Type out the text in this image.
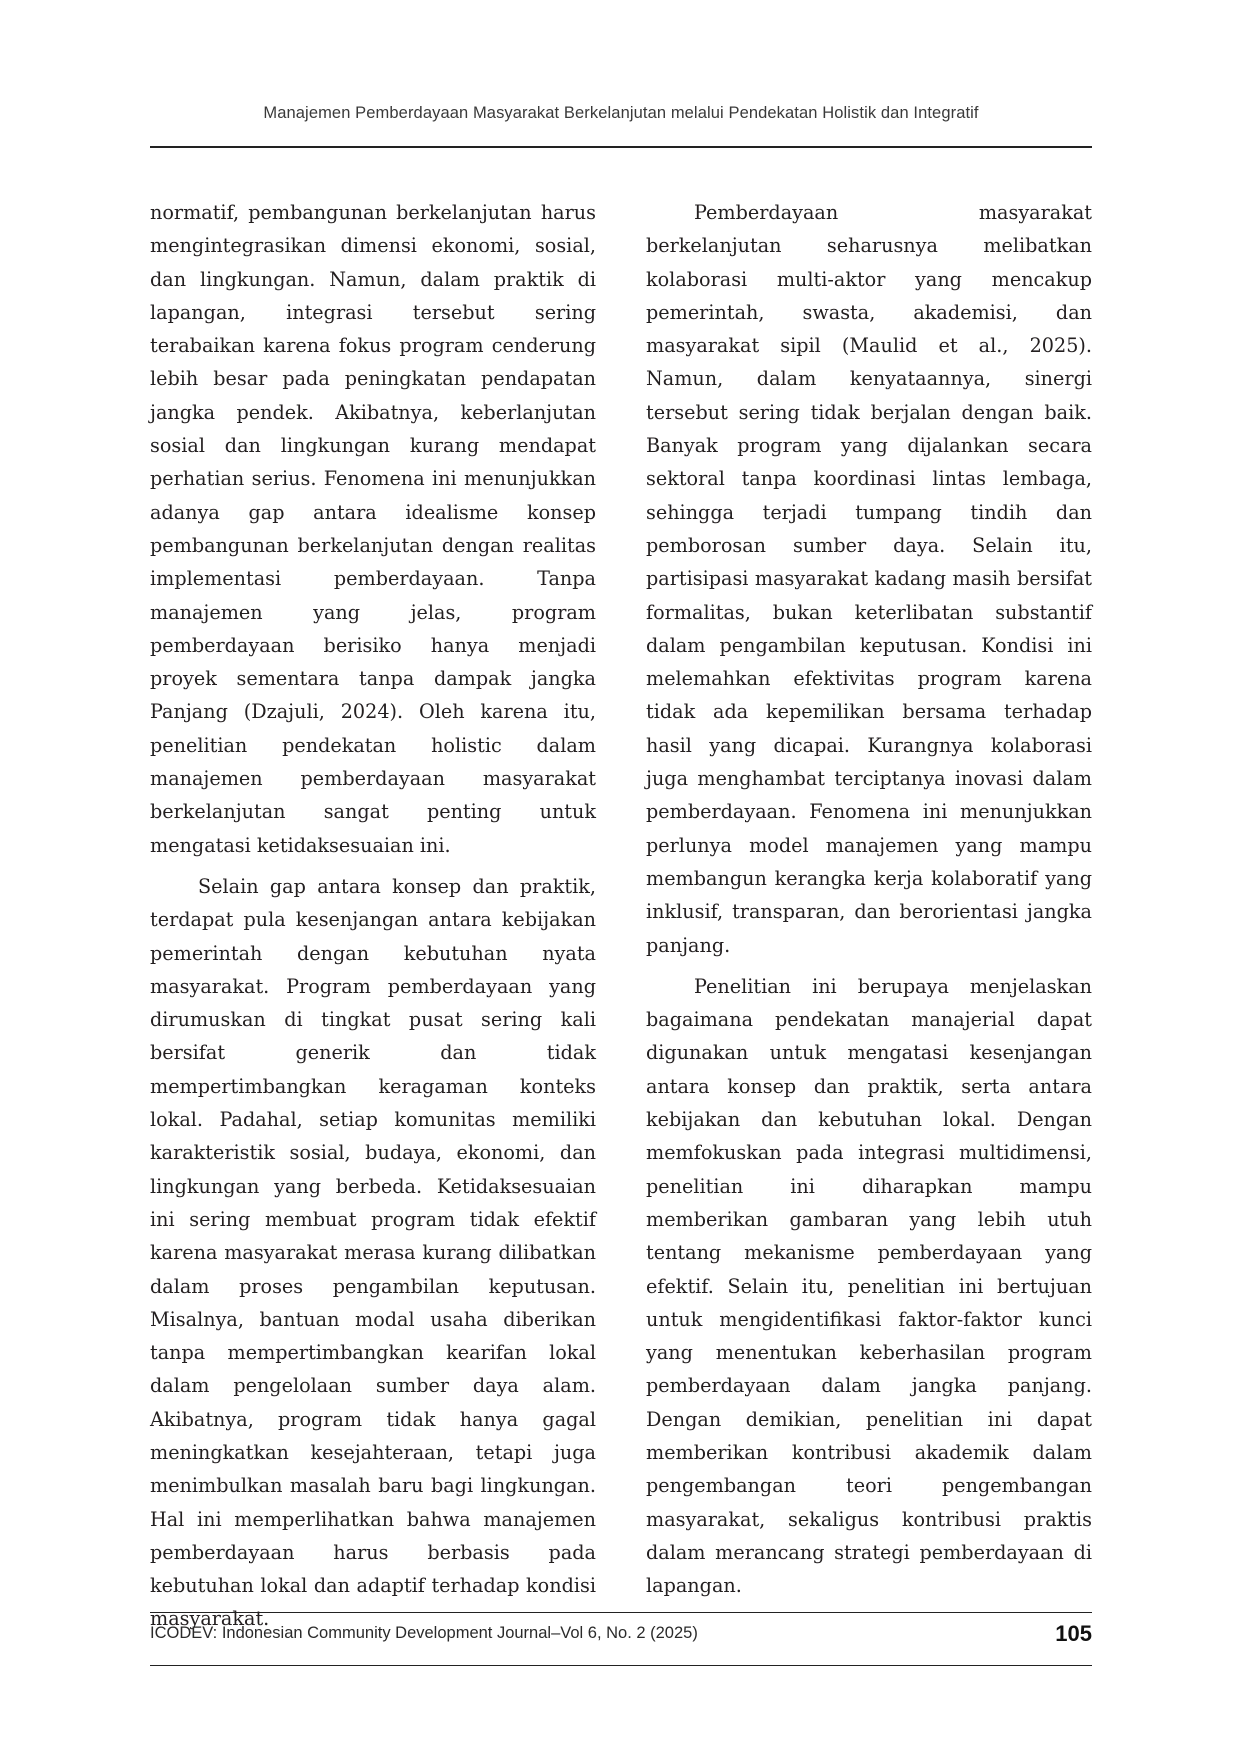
Manajemen Pemberdayaan Masyarakat Berkelanjutan melalui Pendekatan Holistik dan Integratif

normatif, pembangunan berkelanjutan harus mengintegrasikan dimensi ekonomi, sosial, dan lingkungan. Namun, dalam praktik di lapangan, integrasi tersebut sering terabaikan karena fokus program cenderung lebih besar pada peningkatan pendapatan jangka pendek. Akibatnya, keberlanjutan sosial dan lingkungan kurang mendapat perhatian serius. Fenomena ini menunjukkan adanya gap antara idealisme konsep pembangunan berkelanjutan dengan realitas implementasi pemberdayaan. Tanpa manajemen yang jelas, program pemberdayaan berisiko hanya menjadi proyek sementara tanpa dampak jangka Panjang (Dzajuli, 2024). Oleh karena itu, penelitian pendekatan holistic dalam manajemen pemberdayaan masyarakat berkelanjutan sangat penting untuk mengatasi ketidaksesuaian ini.

Selain gap antara konsep dan praktik, terdapat pula kesenjangan antara kebijakan pemerintah dengan kebutuhan nyata masyarakat. Program pemberdayaan yang dirumuskan di tingkat pusat sering kali bersifat generik dan tidak mempertimbangkan keragaman konteks lokal. Padahal, setiap komunitas memiliki karakteristik sosial, budaya, ekonomi, dan lingkungan yang berbeda. Ketidaksesuaian ini sering membuat program tidak efektif karena masyarakat merasa kurang dilibatkan dalam proses pengambilan keputusan. Misalnya, bantuan modal usaha diberikan tanpa mempertimbangkan kearifan lokal dalam pengelolaan sumber daya alam. Akibatnya, program tidak hanya gagal meningkatkan kesejahteraan, tetapi juga menimbulkan masalah baru bagi lingkungan. Hal ini memperlihatkan bahwa manajemen pemberdayaan harus berbasis pada kebutuhan lokal dan adaptif terhadap kondisi masyarakat.

Pemberdayaan masyarakat berkelanjutan seharusnya melibatkan kolaborasi multi-aktor yang mencakup pemerintah, swasta, akademisi, dan masyarakat sipil (Maulid et al., 2025). Namun, dalam kenyataannya, sinergi tersebut sering tidak berjalan dengan baik. Banyak program yang dijalankan secara sektoral tanpa koordinasi lintas lembaga, sehingga terjadi tumpang tindih dan pemborosan sumber daya. Selain itu, partisipasi masyarakat kadang masih bersifat formalitas, bukan keterlibatan substantif dalam pengambilan keputusan. Kondisi ini melemahkan efektivitas program karena tidak ada kepemilikan bersama terhadap hasil yang dicapai. Kurangnya kolaborasi juga menghambat terciptanya inovasi dalam pemberdayaan. Fenomena ini menunjukkan perlunya model manajemen yang mampu membangun kerangka kerja kolaboratif yang inklusif, transparan, dan berorientasi jangka panjang.

Penelitian ini berupaya menjelaskan bagaimana pendekatan manajerial dapat digunakan untuk mengatasi kesenjangan antara konsep dan praktik, serta antara kebijakan dan kebutuhan lokal. Dengan memfokuskan pada integrasi multidimensi, penelitian ini diharapkan mampu memberikan gambaran yang lebih utuh tentang mekanisme pemberdayaan yang efektif. Selain itu, penelitian ini bertujuan untuk mengidentifikasi faktor-faktor kunci yang menentukan keberhasilan program pemberdayaan dalam jangka panjang. Dengan demikian, penelitian ini dapat memberikan kontribusi akademik dalam pengembangan teori pengembangan masyarakat, sekaligus kontribusi praktis dalam merancang strategi pemberdayaan di lapangan.

ICODEV: Indonesian Community Development Journal–Vol 6, No. 2 (2025)	105
